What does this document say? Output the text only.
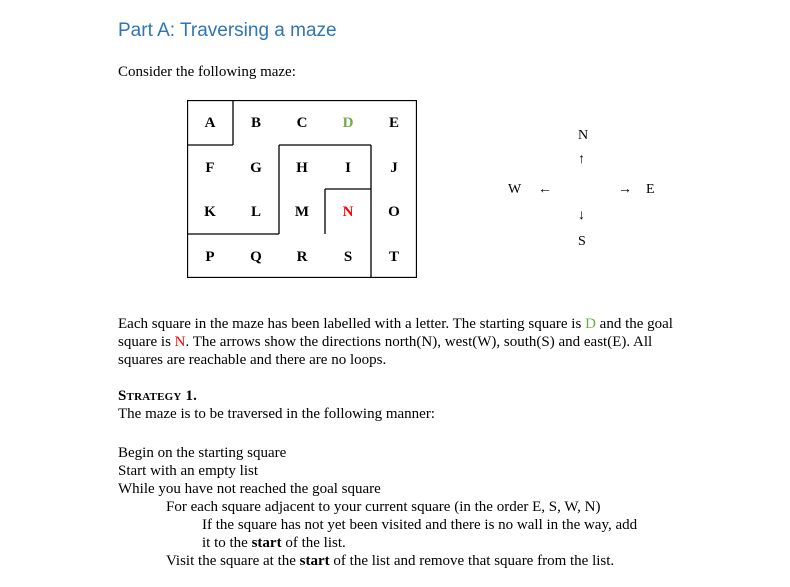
Part A: Traversing a maze
Consider the following maze:
A	B	C	D	E
F	G	H	I	J
K	L	M	N	O
P	Q	R	S	T
N
↑
W ←	→ E
↓
S

Each square in the maze has been labelled with a letter. The starting square is D and the goal square is N. The arrows show the directions north(N), west(W), south(S) and east(E). All squares are reachable and there are no loops.

Strategy 1.
The maze is to be traversed in the following manner:
Begin on the starting square
Start with an empty list
While you have not reached the goal square
For each square adjacent to your current square (in the order E, S, W, N)
If the square has not yet been visited and there is no wall in the way, add
it to the start of the list.
Visit the square at the start of the list and remove that square from the list.
